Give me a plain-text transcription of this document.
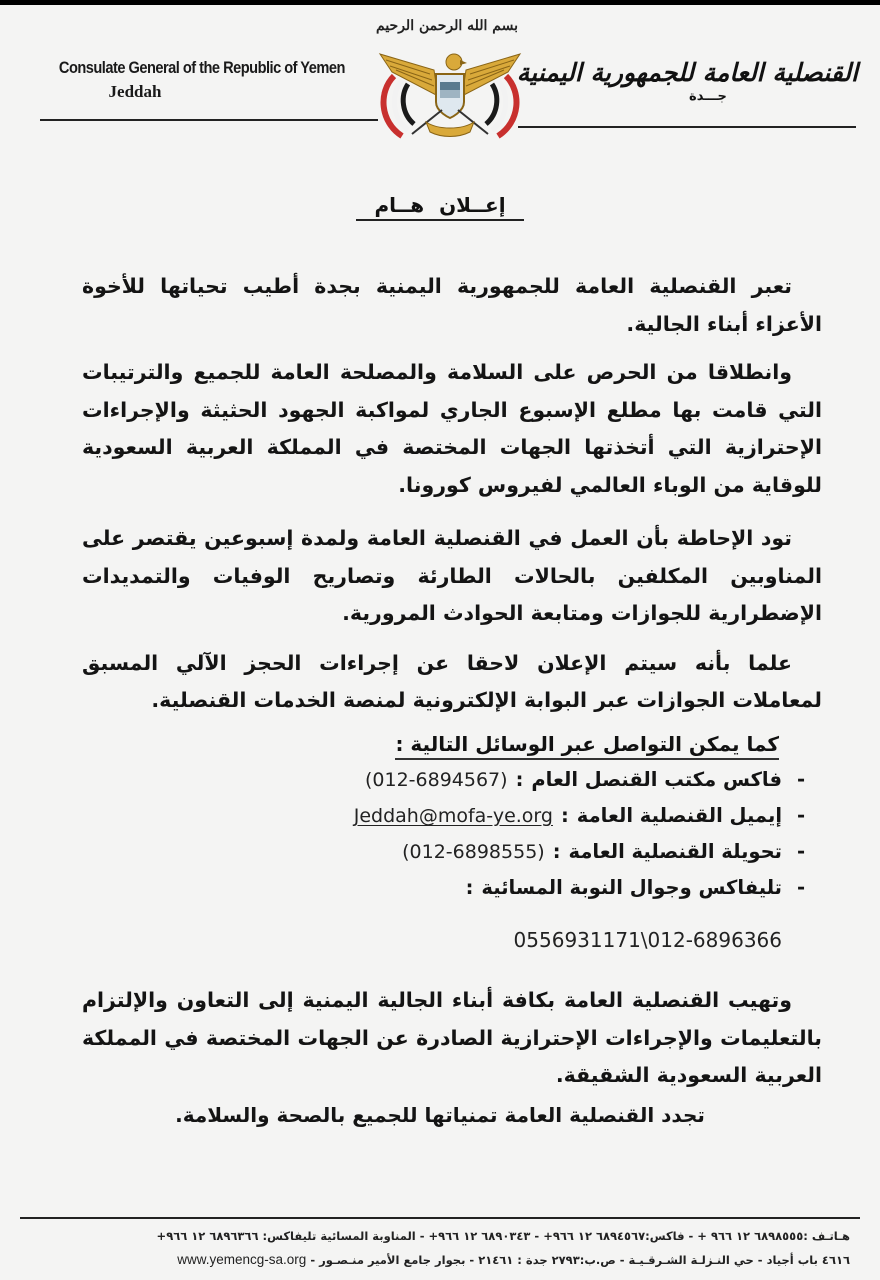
Consulate General of the Republic of Yemen
Jeddah
بسم الله الرحمن الرحيم
القنصلية العامة للجمهورية اليمنية
جـــدة
إعــلان هــام

تعبر القنصلية العامة للجمهورية اليمنية بجدة أطيب تحياتها للأخوة الأعزاء أبناء الجالية.

وانطلاقا من الحرص على السلامة والمصلحة العامة للجميع والترتيبات التي قامت بها مطلع الإسبوع الجاري لمواكبة الجهود الحثيثة والإجراءات الإحترازية التي أتخذتها الجهات المختصة في المملكة العربية السعودية للوقاية من الوباء العالمي لفيروس كورونا.

تود الإحاطة بأن العمل في القنصلية العامة ولمدة إسبوعين يقتصر على المناوبين المكلفين بالحالات الطارئة وتصاريح الوفيات والتمديدات الإضطرارية للجوازات ومتابعة الحوادث المرورية.

علما بأنه سيتم الإعلان لاحقا عن إجراءات الحجز الآلي المسبق لمعاملات الجوازات عبر البوابة الإلكترونية لمنصة الخدمات القنصلية.

كما يمكن التواصل عبر الوسائل التالية :
-
فاكس مكتب القنصل العام
:
(012-6894567)
-
إيميل القنصلية العامة
:
Jeddah@mofa-ye.org
-
تحويلة القنصلية العامة
:
(012-6898555)
-
تليفاكس وجوال النوبة المسائية
:
0556931171\012-6896366

وتهيب القنصلية العامة بكافة أبناء الجالية اليمنية إلى التعاون والإلتزام بالتعليمات والإجراءات الإحترازية الصادرة عن الجهات المختصة في المملكة العربية السعودية الشقيقة.

تجدد القنصلية العامة تمنياتها للجميع بالصحة والسلامة.
هـاتـف :٦٨٩٨٥٥٥ ١٢ ٩٦٦ + - فاكس:٦٨٩٤٥٦٧ ١٢ ٩٦٦+ - ٦٨٩٠٣٤٣ ١٢ ٩٦٦+ - المناوبة المسائية تليفاكس: ٦٨٩٦٣٦٦ ١٢ ٩٦٦+
٤٦١٦ باب أجياد - حي النـزلـة الشـرقـيـة - ص.ب:٢٧٩٣ جدة : ٢١٤٦١ - بجوار جامع الأمير منـصـور - www.yemencg-sa.org
